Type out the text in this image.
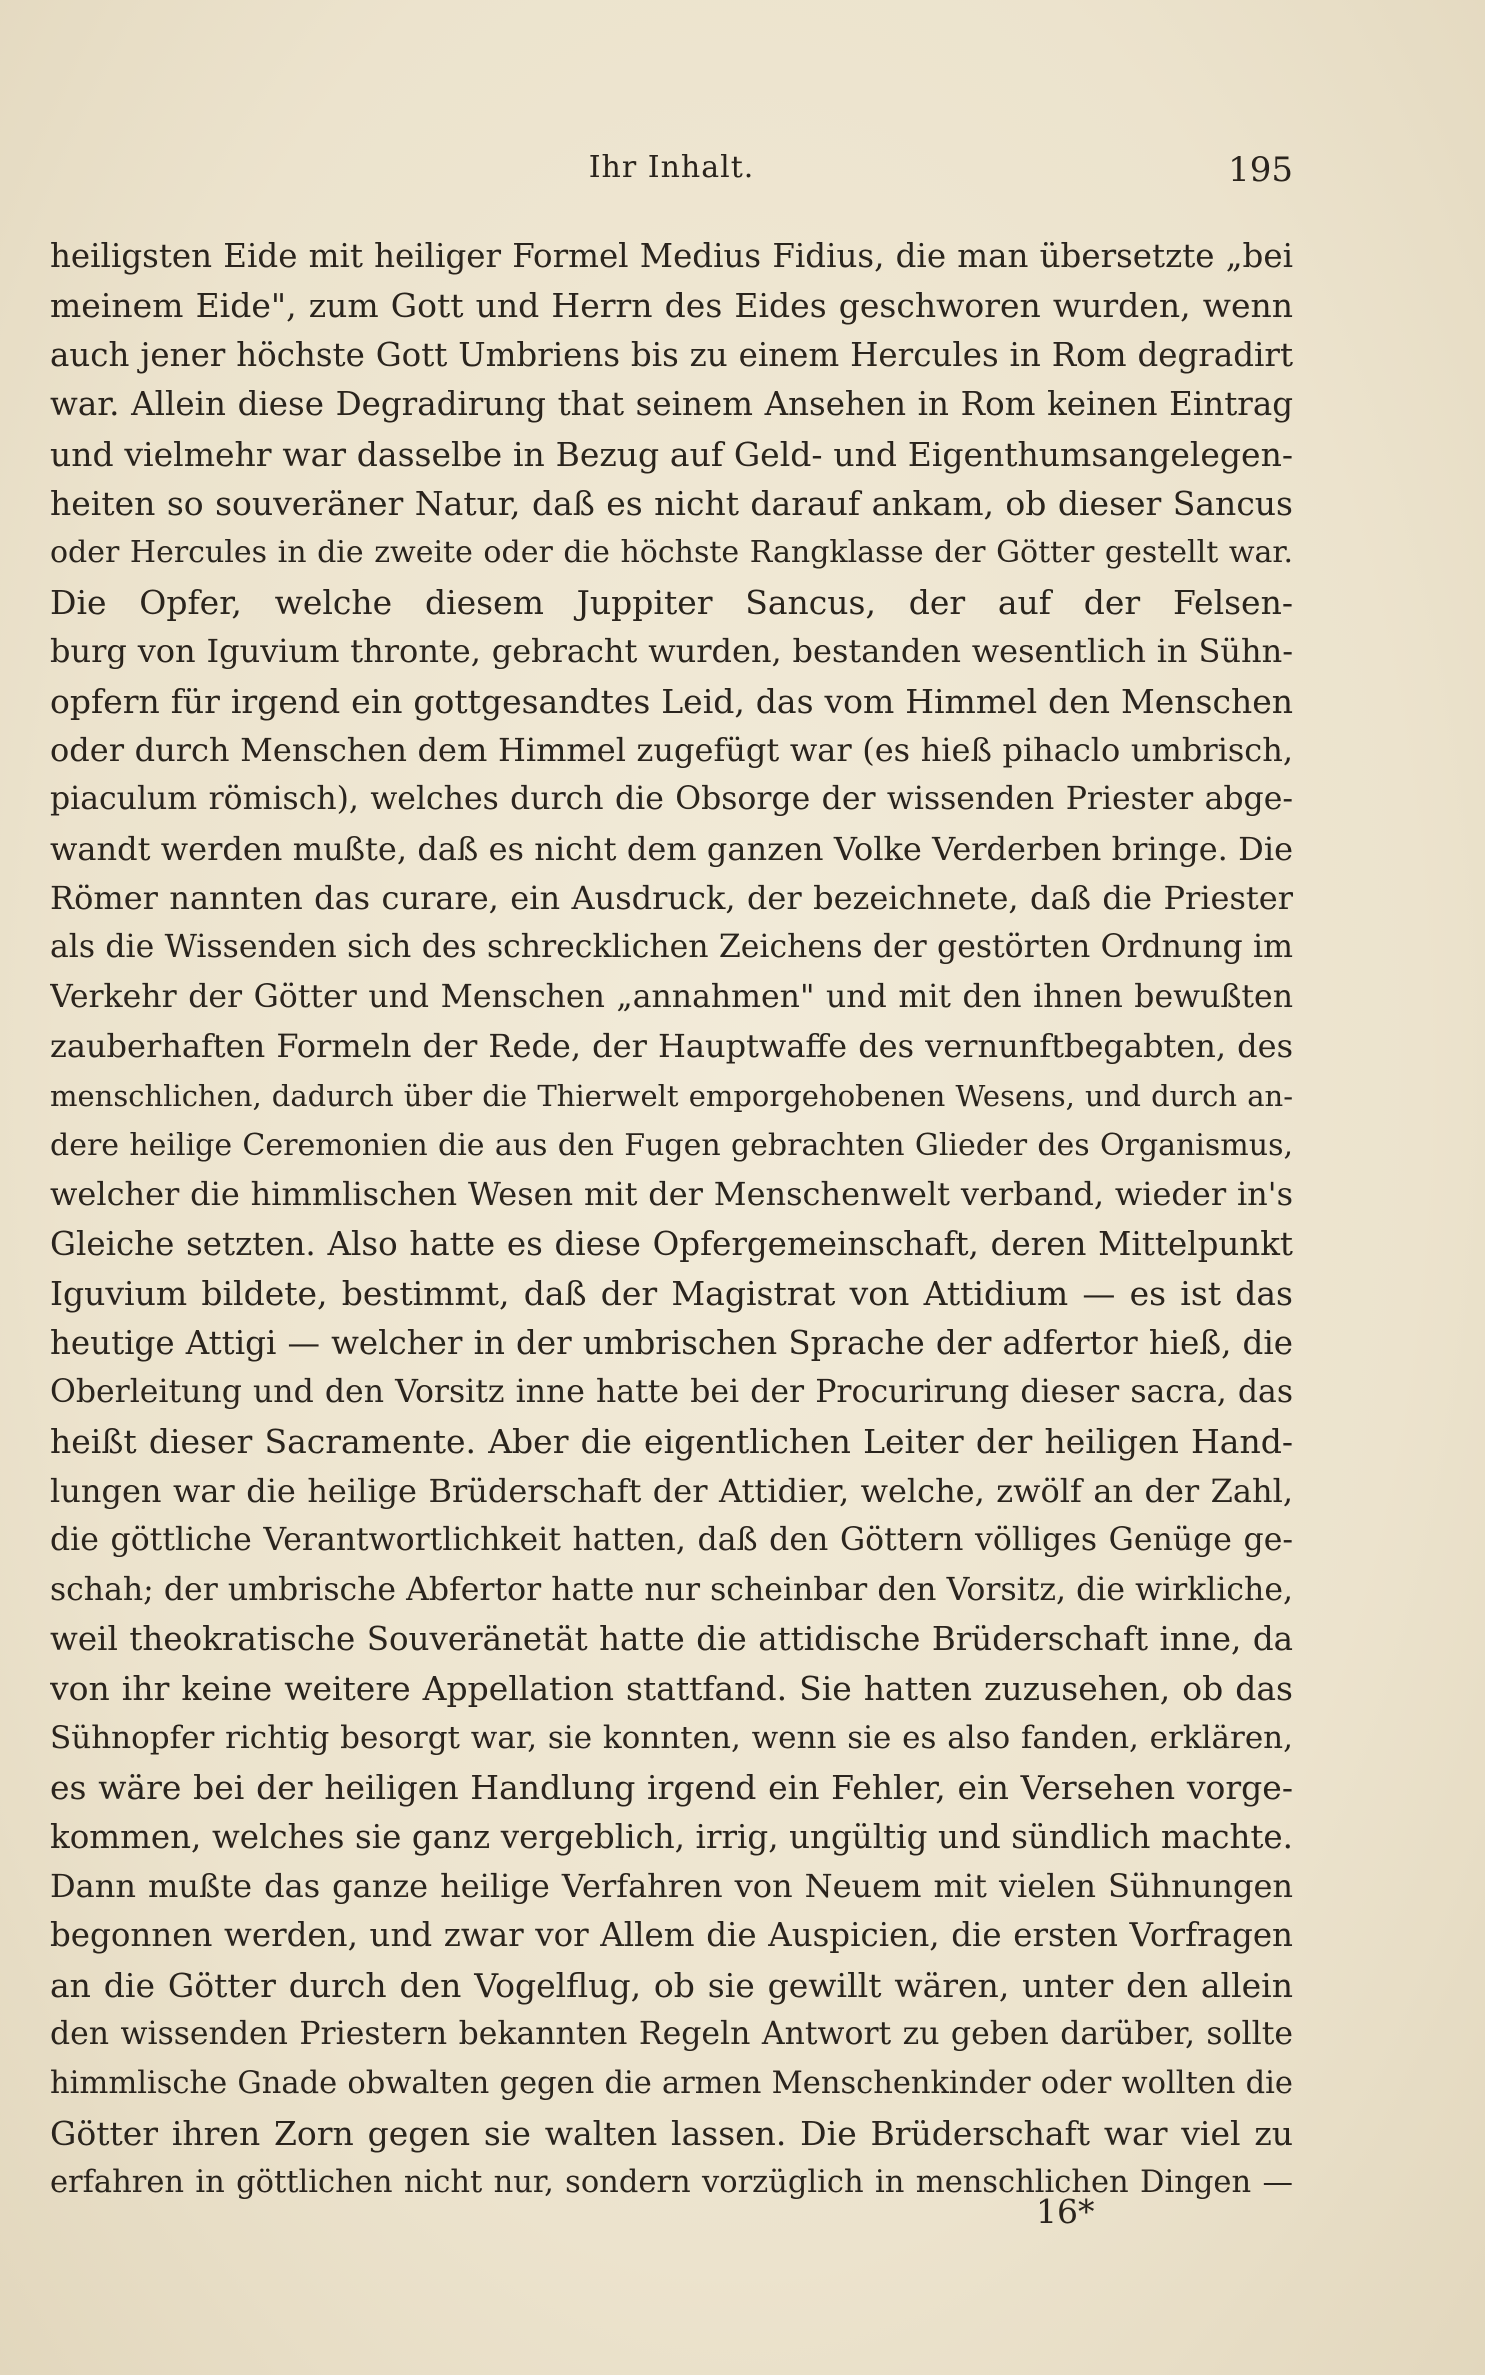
Ihr Inhalt.	195
heiligsten Eide mit heiliger Formel Medius Fidius, die man übersetzte „bei
meinem Eide", zum Gott und Herrn des Eides geschworen wurden, wenn
auch jener höchste Gott Umbriens bis zu einem Hercules in Rom degradirt
war. Allein diese Degradirung that seinem Ansehen in Rom keinen Eintrag
und vielmehr war dasselbe in Bezug auf Geld- und Eigenthumsangelegen-
heiten so souveräner Natur, daß es nicht darauf ankam, ob dieser Sancus
oder Hercules in die zweite oder die höchste Rangklasse der Götter gestellt war.
Die Opfer, welche diesem Juppiter Sancus, der auf der Felsen-
burg von Iguvium thronte, gebracht wurden, bestanden wesentlich in Sühn-
opfern für irgend ein gottgesandtes Leid, das vom Himmel den Menschen
oder durch Menschen dem Himmel zugefügt war (es hieß pihaclo umbrisch,
piaculum römisch), welches durch die Obsorge der wissenden Priester abge-
wandt werden mußte, daß es nicht dem ganzen Volke Verderben bringe. Die
Römer nannten das curare, ein Ausdruck, der bezeichnete, daß die Priester
als die Wissenden sich des schrecklichen Zeichens der gestörten Ordnung im
Verkehr der Götter und Menschen „annahmen" und mit den ihnen bewußten
zauberhaften Formeln der Rede, der Hauptwaffe des vernunftbegabten, des
menschlichen, dadurch über die Thierwelt emporgehobenen Wesens, und durch an-
dere heilige Ceremonien die aus den Fugen gebrachten Glieder des Organismus,
welcher die himmlischen Wesen mit der Menschenwelt verband, wieder in's
Gleiche setzten. Also hatte es diese Opfergemeinschaft, deren Mittelpunkt
Iguvium bildete, bestimmt, daß der Magistrat von Attidium — es ist das
heutige Attigi — welcher in der umbrischen Sprache der adfertor hieß, die
Oberleitung und den Vorsitz inne hatte bei der Procurirung dieser sacra, das
heißt dieser Sacramente. Aber die eigentlichen Leiter der heiligen Hand-
lungen war die heilige Brüderschaft der Attidier, welche, zwölf an der Zahl,
die göttliche Verantwortlichkeit hatten, daß den Göttern völliges Genüge ge-
schah; der umbrische Abfertor hatte nur scheinbar den Vorsitz, die wirkliche,
weil theokratische Souveränetät hatte die attidische Brüderschaft inne, da
von ihr keine weitere Appellation stattfand. Sie hatten zuzusehen, ob das
Sühnopfer richtig besorgt war, sie konnten, wenn sie es also fanden, erklären,
es wäre bei der heiligen Handlung irgend ein Fehler, ein Versehen vorge-
kommen, welches sie ganz vergeblich, irrig, ungültig und sündlich machte.
Dann mußte das ganze heilige Verfahren von Neuem mit vielen Sühnungen
begonnen werden, und zwar vor Allem die Auspicien, die ersten Vorfragen
an die Götter durch den Vogelflug, ob sie gewillt wären, unter den allein
den wissenden Priestern bekannten Regeln Antwort zu geben darüber, sollte
himmlische Gnade obwalten gegen die armen Menschenkinder oder wollten die
Götter ihren Zorn gegen sie walten lassen. Die Brüderschaft war viel zu
erfahren in göttlichen nicht nur, sondern vorzüglich in menschlichen Dingen —
16*
